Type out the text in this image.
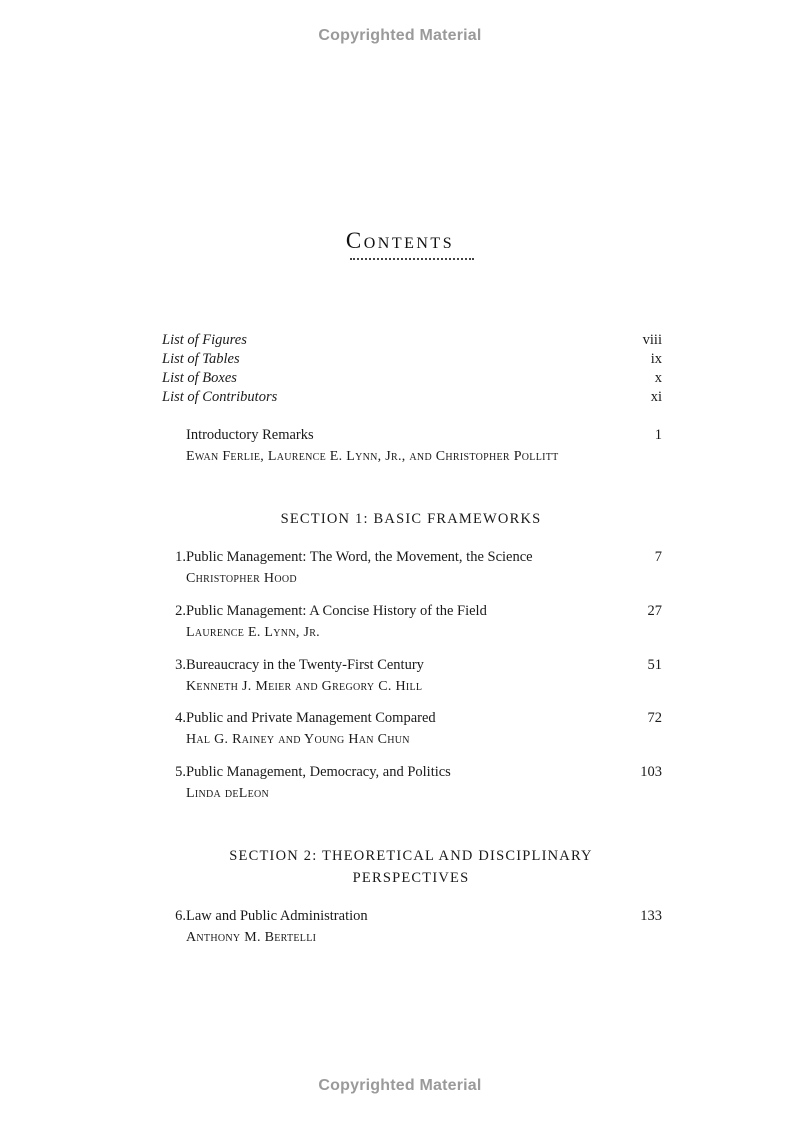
Copyrighted Material
Contents
List of Figures	viii
List of Tables	ix
List of Boxes	x
List of Contributors	xi
Introductory Remarks	1
Ewan Ferlie, Laurence E. Lynn, Jr., and Christopher Pollitt
SECTION 1: BASIC FRAMEWORKS
1. Public Management: The Word, the Movement, the Science	7
Christopher Hood
2. Public Management: A Concise History of the Field	27
Laurence E. Lynn, Jr.
3. Bureaucracy in the Twenty-First Century	51
Kenneth J. Meier and Gregory C. Hill
4. Public and Private Management Compared	72
Hal G. Rainey and Young Han Chun
5. Public Management, Democracy, and Politics	103
Linda deLeon
SECTION 2: THEORETICAL AND DISCIPLINARY
PERSPECTIVES
6. Law and Public Administration	133
Anthony M. Bertelli
Copyrighted Material
